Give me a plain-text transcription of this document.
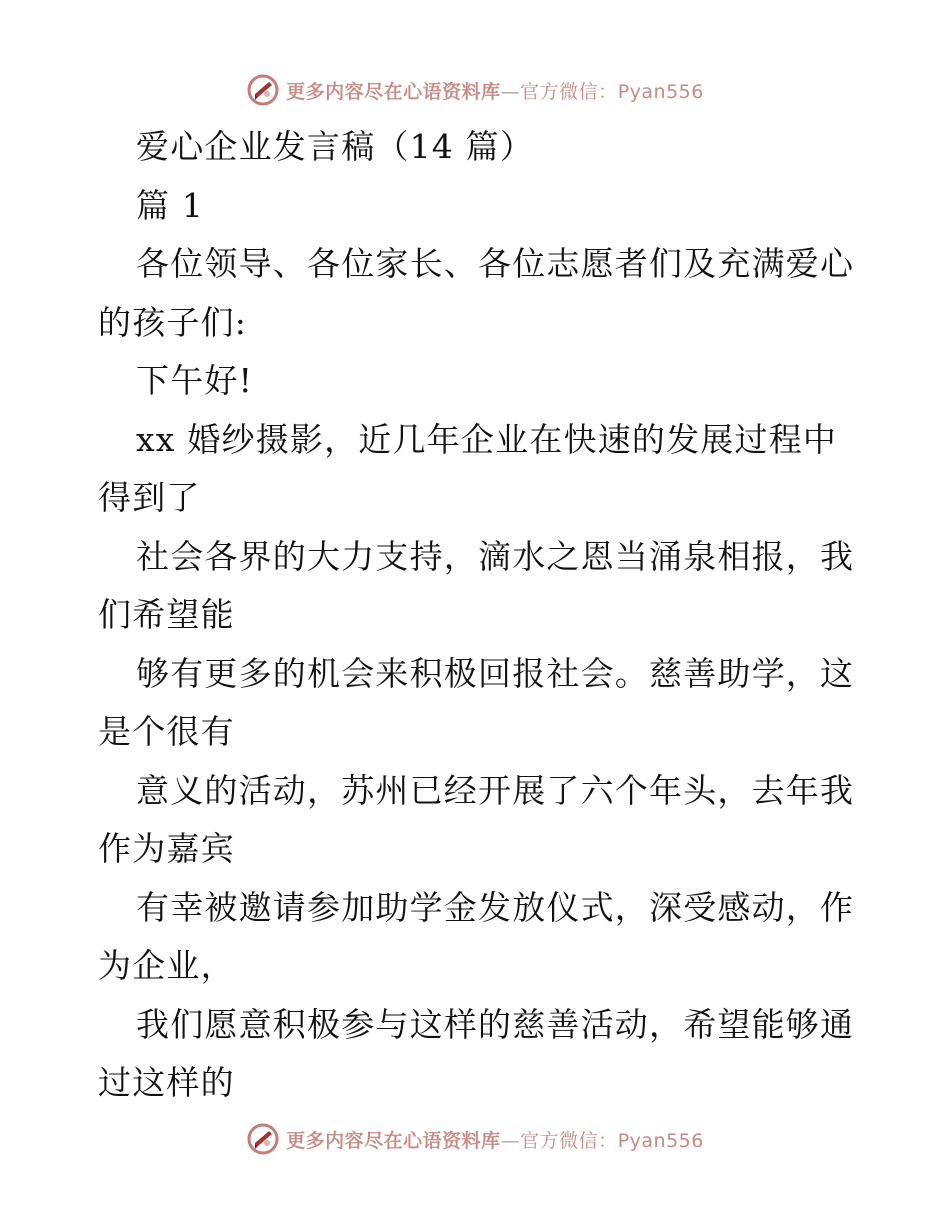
更多内容尽在心语资料库—官方微信：Pyan556
爱心企业发言稿（14 篇）
篇 1
各位领导、各位家长、各位志愿者们及充满爱心
的孩子们:
下午好!
xx 婚纱摄影，近几年企业在快速的发展过程中
得到了
社会各界的大力支持，滴水之恩当涌泉相报，我
们希望能
够有更多的机会来积极回报社会。慈善助学，这
是个很有
意义的活动，苏州已经开展了六个年头，去年我
作为嘉宾
有幸被邀请参加助学金发放仪式，深受感动，作
为企业，
我们愿意积极参与这样的慈善活动，希望能够通
过这样的
更多内容尽在心语资料库—官方微信：Pyan556
